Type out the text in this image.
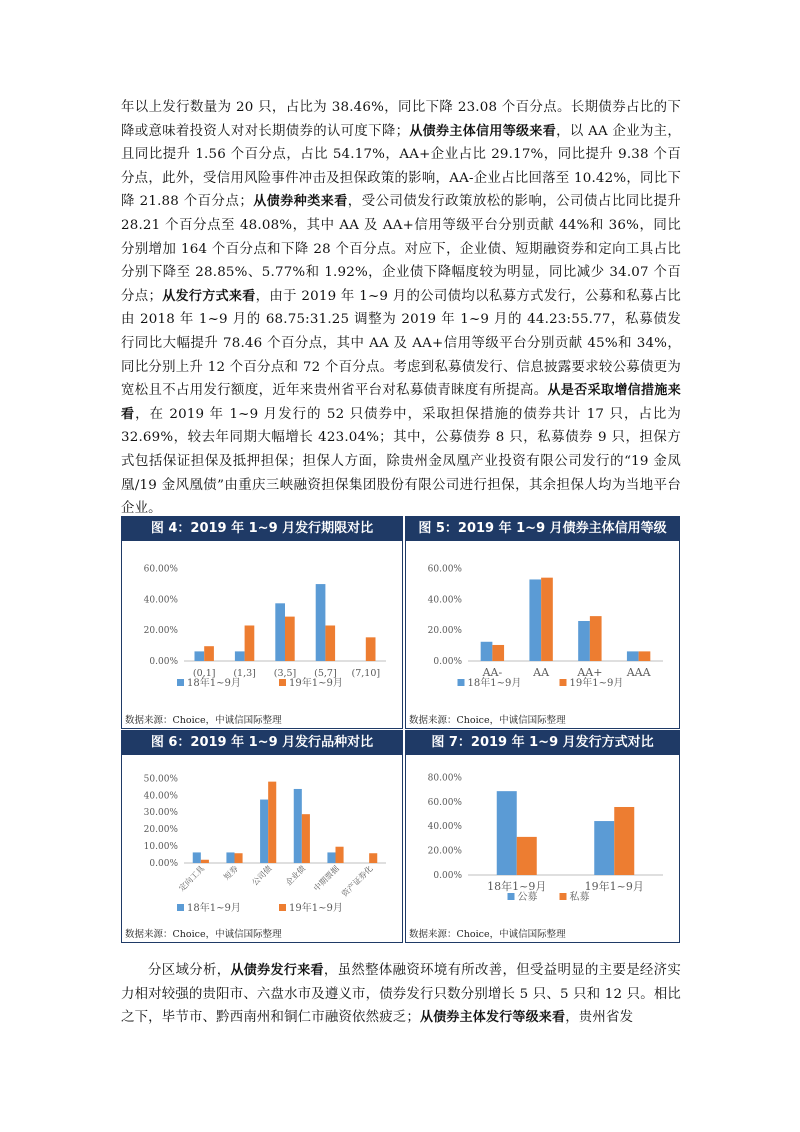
年以上发行数量为 20 只，占比为 38.46%，同比下降 23.08 个百分点。长期债券占比的下降或意味着投资人对对长期债券的认可度下降；从债券主体信用等级来看，以 AA 企业为主，且同比提升 1.56 个百分点，占比 54.17%，AA+企业占比 29.17%，同比提升 9.38 个百分点，此外，受信用风险事件冲击及担保政策的影响，AA-企业占比回落至 10.42%，同比下降 21.88 个百分点；从债券种类来看，受公司债发行政策放松的影响，公司债占比同比提升 28.21 个百分点至 48.08%，其中 AA 及 AA+信用等级平台分别贡献 44%和 36%，同比分别增加 164 个百分点和下降 28 个百分点。对应下，企业债、短期融资券和定向工具占比分别下降至 28.85%、5.77%和 1.92%，企业债下降幅度较为明显，同比减少 34.07 个百分点；从发行方式来看，由于 2019 年 1~9 月的公司债均以私募方式发行，公募和私募占比由 2018 年 1~9 月的 68.75:31.25 调整为 2019 年 1~9 月的 44.23:55.77，私募债发行同比大幅提升 78.46 个百分点，其中 AA 及 AA+信用等级平台分别贡献 45%和 34%，同比分别上升 12 个百分点和 72 个百分点。考虑到私募债发行、信息披露要求较公募债更为宽松且不占用发行额度，近年来贵州省平台对私募债青睐度有所提高。从是否采取增信措施来看，在 2019 年 1~9 月发行的 52 只债券中，采取担保措施的债券共计 17 只，占比为 32.69%，较去年同期大幅增长 423.04%；其中，公募债券 8 只，私募债券 9 只，担保方式包括保证担保及抵押担保；担保人方面，除贵州金凤凰产业投资有限公司发行的“19 金凤凰/19 金风凰债”由重庆三峡融资担保集团股份有限公司进行担保，其余担保人均为当地平台企业。
图 4：2019 年 1~9 月发行期限对比
0.00%
20.00%
40.00%
60.00%
(0,1] (1,3] (3,5] (5,7] (7,10]
18年1~9月	19年1~9月
数据来源：Choice，中诚信国际整理
图 5：2019 年 1~9 月债券主体信用等级
0.00%
20.00%
40.00%
60.00%
AA-	AA	AA+ AAA
18年1~9月	19年1~9月
数据来源：Choice，中诚信国际整理
图 6：2019 年 1~9 月发行品种对比
0.00%
10.00%
20.00%
30.00%
40.00%
50.00%
定向工具 短券 公司债 企业债 中期票据 资产证券化
18年1~9月	19年1~9月
数据来源：Choice，中诚信国际整理
图 7：2019 年 1~9 月发行方式对比
0.00%
20.00%
40.00%
60.00%
80.00%
18年1~9月	19年1~9月
公募	私募
数据来源：Choice，中诚信国际整理
分区域分析，从债券发行来看，虽然整体融资环境有所改善，但受益明显的主要是经济实力相对较强的贵阳市、六盘水市及遵义市，债券发行只数分别增长 5 只、5 只和 12 只。相比之下，毕节市、黔西南州和铜仁市融资依然疲乏；从债券主体发行等级来看，贵州省发
